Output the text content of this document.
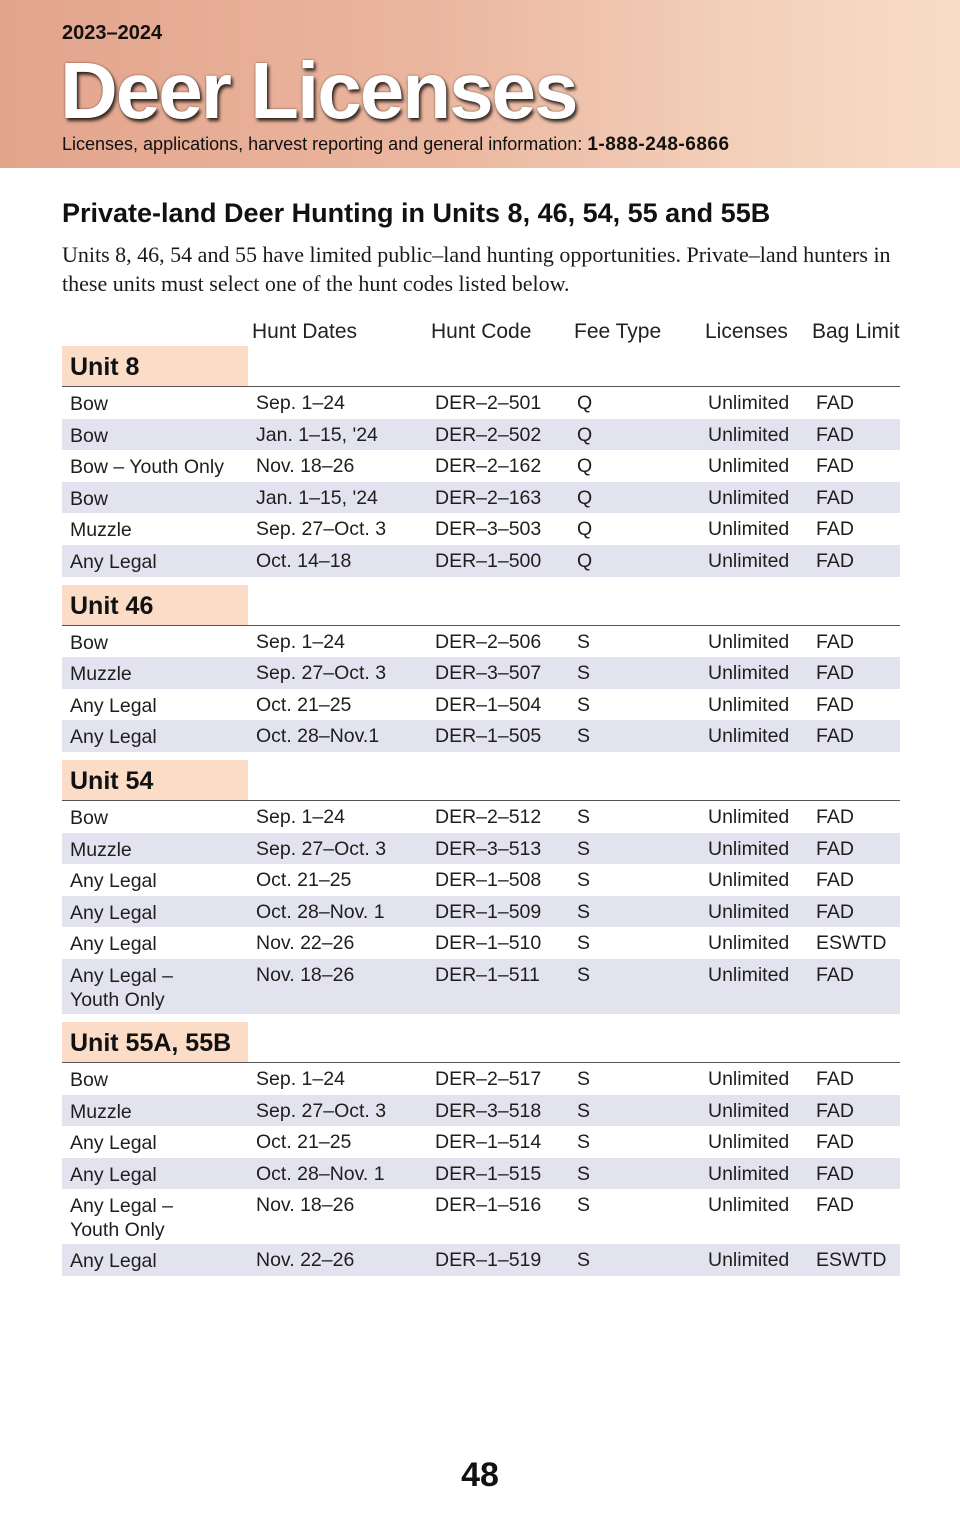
2023–2024
Deer Licenses
Licenses, applications, harvest reporting and general information: 1-888-248-6866
Private-land Deer Hunting in Units 8, 46, 54, 55 and 55B
Units 8, 46, 54 and 55 have limited public–land hunting opportunities. Private–land hunters in these units must select one of the hunt codes listed below.
Hunt Dates	Hunt Code Fee Type Licenses Bag Limit
Unit 8
Bow	Sep. 1–24	DER–2–501 Q	Unlimited FAD
Bow	Jan. 1–15, '24	DER–2–502 Q	Unlimited FAD
Bow – Youth Only Nov. 18–26	DER–2–162 Q	Unlimited FAD
Bow	Jan. 1–15, '24	DER–2–163 Q	Unlimited FAD
Muzzle	Sep. 27–Oct. 3	DER–3–503 Q	Unlimited FAD
Any Legal	Oct. 14–18	DER–1–500 Q	Unlimited FAD
Unit 46
Bow	Sep. 1–24	DER–2–506 S	Unlimited FAD
Muzzle	Sep. 27–Oct. 3	DER–3–507 S	Unlimited FAD
Any Legal	Oct. 21–25	DER–1–504 S	Unlimited FAD
Any Legal	Oct. 28–Nov.1	DER–1–505 S	Unlimited FAD
Unit 54
Bow	Sep. 1–24	DER–2–512 S	Unlimited FAD
Muzzle	Sep. 27–Oct. 3	DER–3–513 S	Unlimited FAD
Any Legal	Oct. 21–25	DER–1–508 S	Unlimited FAD
Any Legal	Oct. 28–Nov. 1	DER–1–509 S	Unlimited FAD
Any Legal	Nov. 22–26	DER–1–510 S	Unlimited ESWTD
Any Legal –
Youth Only
Nov. 18–26	DER–1–511 S	Unlimited FAD
Unit 55A, 55B
Bow	Sep. 1–24	DER–2–517 S	Unlimited FAD
Muzzle	Sep. 27–Oct. 3	DER–3–518 S	Unlimited FAD
Any Legal	Oct. 21–25	DER–1–514 S	Unlimited FAD
Any Legal	Oct. 28–Nov. 1	DER–1–515 S	Unlimited FAD
Any Legal –
Youth Only
Nov. 18–26	DER–1–516 S	Unlimited FAD
Any Legal	Nov. 22–26	DER–1–519 S	Unlimited ESWTD
48
